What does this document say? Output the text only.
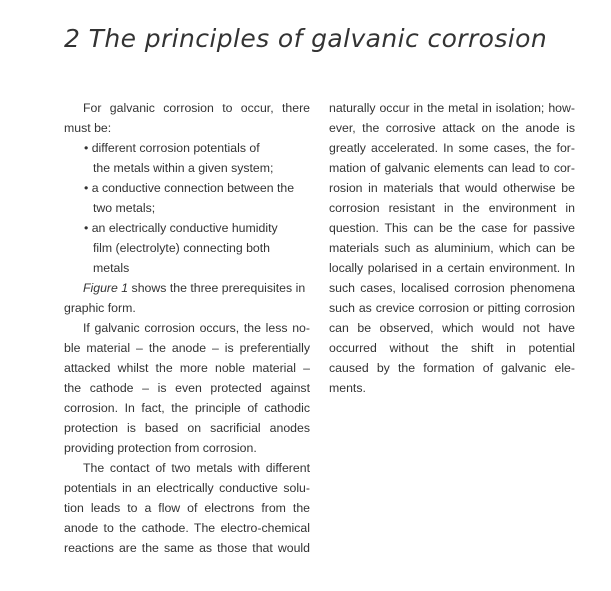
2 The principles of galvanic corrosion
For galvanic corrosion to occur, there
must be:
• different corrosion potentials of
the metals within a given system;
• a conductive connection between the
two metals;
• an electrically conductive humidity
film (electrolyte) connecting both
metals
Figure 1 shows the three prerequisites in
graphic form.
If galvanic corrosion occurs, the less no-
ble material – the anode – is preferentially
attacked whilst the more noble material –
the cathode – is even protected against
corrosion. In fact, the principle of cathodic
protection is based on sacrificial anodes
providing protection from corrosion.
The contact of two metals with different
potentials in an electrically conductive solu-
tion leads to a flow of electrons from the
anode to the cathode. The electro-chemical
reactions are the same as those that would
naturally occur in the metal in isolation; how-
ever, the corrosive attack on the anode is
greatly accelerated. In some cases, the for-
mation of galvanic elements can lead to cor-
rosion in materials that would otherwise be
corrosion resistant in the environment in
question. This can be the case for passive
materials such as aluminium, which can be
locally polarised in a certain environment. In
such cases, localised corrosion phenomena
such as crevice corrosion or pitting corrosion
can be observed, which would not have
occurred without the shift in potential
caused by the formation of galvanic ele-
ments.
